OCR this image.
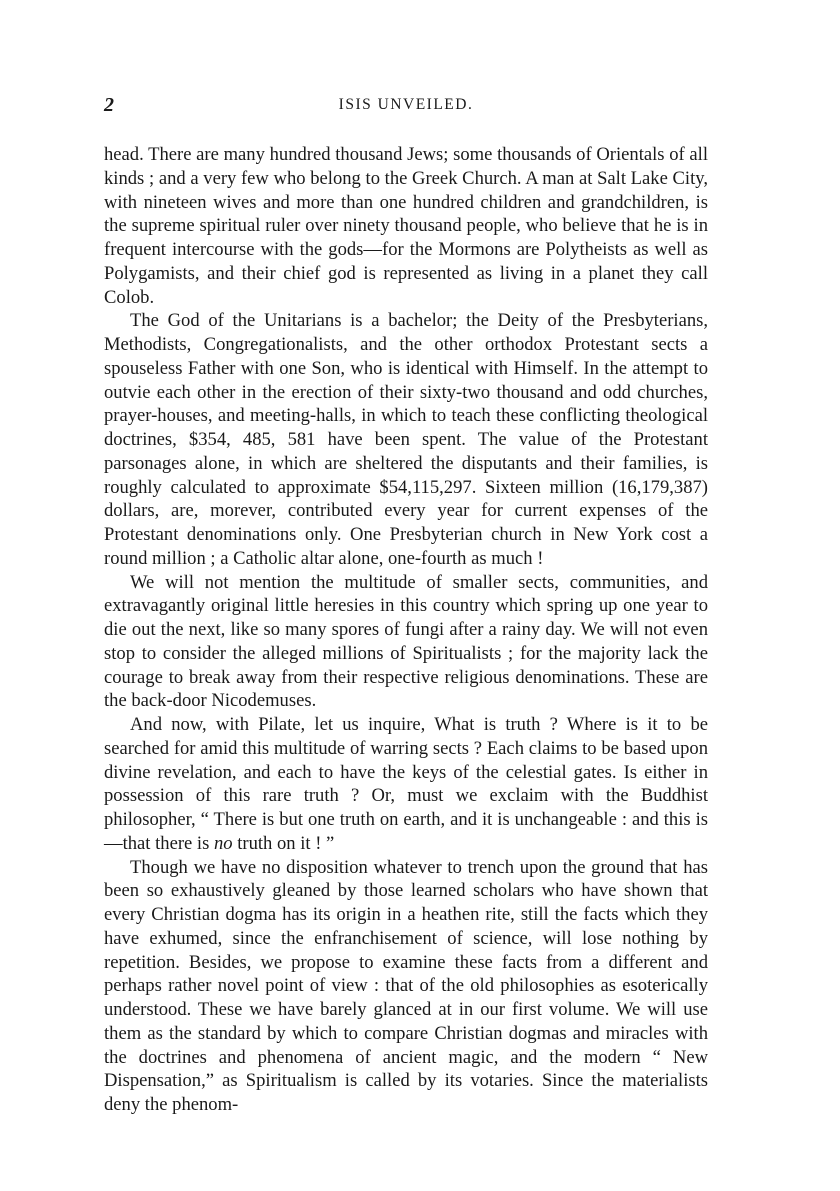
2	ISIS UNVEILED.

head. There are many hundred thousand Jews; some thousands of Orientals of all kinds ; and a very few who belong to the Greek Church. A man at Salt Lake City, with nineteen wives and more than one hundred children and grandchildren, is the supreme spiritual ruler over ninety thousand people, who believe that he is in frequent intercourse with the gods—for the Mormons are Polytheists as well as Polygamists, and their chief god is represented as living in a planet they call Colob.

The God of the Unitarians is a bachelor; the Deity of the Presbyterians, Methodists, Congregationalists, and the other orthodox Protestant sects a spouseless Father with one Son, who is identical with Himself. In the attempt to outvie each other in the erection of their sixty-two thousand and odd churches, prayer-houses, and meeting-halls, in which to teach these conflicting theological doctrines, $354, 485, 581 have been spent. The value of the Protestant parsonages alone, in which are sheltered the disputants and their families, is roughly calculated to approximate $54,115,297. Sixteen million (16,179,387) dollars, are, morever, contributed every year for current expenses of the Protestant denominations only. One Presbyterian church in New York cost a round million ; a Catholic altar alone, one-fourth as much !

We will not mention the multitude of smaller sects, communities, and extravagantly original little heresies in this country which spring up one year to die out the next, like so many spores of fungi after a rainy day. We will not even stop to consider the alleged millions of Spiritualists ; for the majority lack the courage to break away from their respective religious denominations. These are the back-door Nicodemuses.

And now, with Pilate, let us inquire, What is truth ? Where is it to be searched for amid this multitude of warring sects ? Each claims to be based upon divine revelation, and each to have the keys of the celestial gates. Is either in possession of this rare truth ? Or, must we exclaim with the Buddhist philosopher, “ There is but one truth on earth, and it is unchangeable : and this is—that there is no truth on it ! ”

Though we have no disposition whatever to trench upon the ground that has been so exhaustively gleaned by those learned scholars who have shown that every Christian dogma has its origin in a heathen rite, still the facts which they have exhumed, since the enfranchisement of science, will lose nothing by repetition. Besides, we propose to examine these facts from a different and perhaps rather novel point of view : that of the old philosophies as esoterically understood. These we have barely glanced at in our first volume. We will use them as the standard by which to compare Christian dogmas and miracles with the doctrines and phenomena of ancient magic, and the modern “ New Dispensation,” as Spiritualism is called by its votaries. Since the materialists deny the phenom-
